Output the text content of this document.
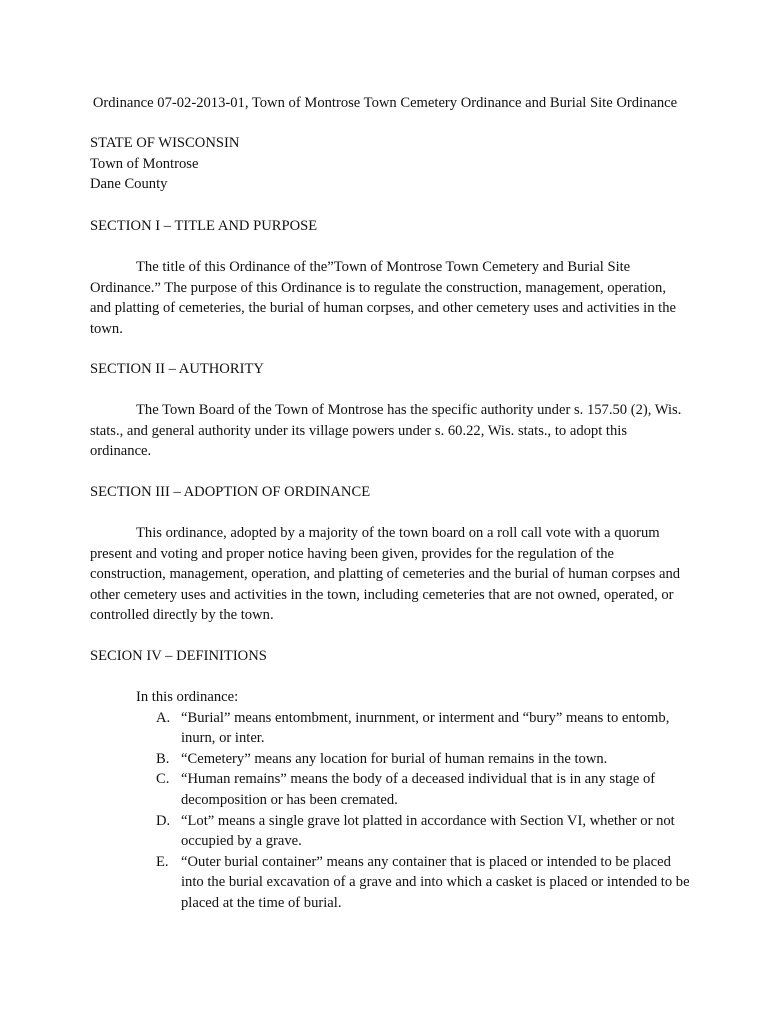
Ordinance 07-02-2013-01, Town of Montrose Town Cemetery Ordinance and Burial Site Ordinance
STATE OF WISCONSIN
Town of Montrose
Dane County
SECTION I – TITLE AND PURPOSE
The title of this Ordinance of the”Town of Montrose Town Cemetery and Burial Site Ordinance.” The purpose of this Ordinance is to regulate the construction, management, operation, and platting of cemeteries, the burial of human corpses, and other cemetery uses and activities in the town.
SECTION II – AUTHORITY
The Town Board of the Town of Montrose has the specific authority under s. 157.50 (2), Wis. stats., and general authority under its village powers under s. 60.22, Wis. stats., to adopt this ordinance.
SECTION III – ADOPTION OF ORDINANCE
This ordinance, adopted by a majority of the town board on a roll call vote with a quorum present and voting and proper notice having been given, provides for the regulation of the construction, management, operation, and platting of cemeteries and the burial of human corpses and other cemetery uses and activities in the town, including cemeteries that are not owned, operated, or controlled directly by the town.
SECION IV – DEFINITIONS
In this ordinance:
A. “Burial” means entombment, inurnment, or interment and “bury” means to entomb, inurn, or inter.
B. “Cemetery” means any location for burial of human remains in the town.
C. “Human remains” means the body of a deceased individual that is in any stage of decomposition or has been cremated.
D. “Lot” means a single grave lot platted in accordance with Section VI, whether or not occupied by a grave.
E. “Outer burial container” means any container that is placed or intended to be placed into the burial excavation of a grave and into which a casket is placed or intended to be placed at the time of burial.
